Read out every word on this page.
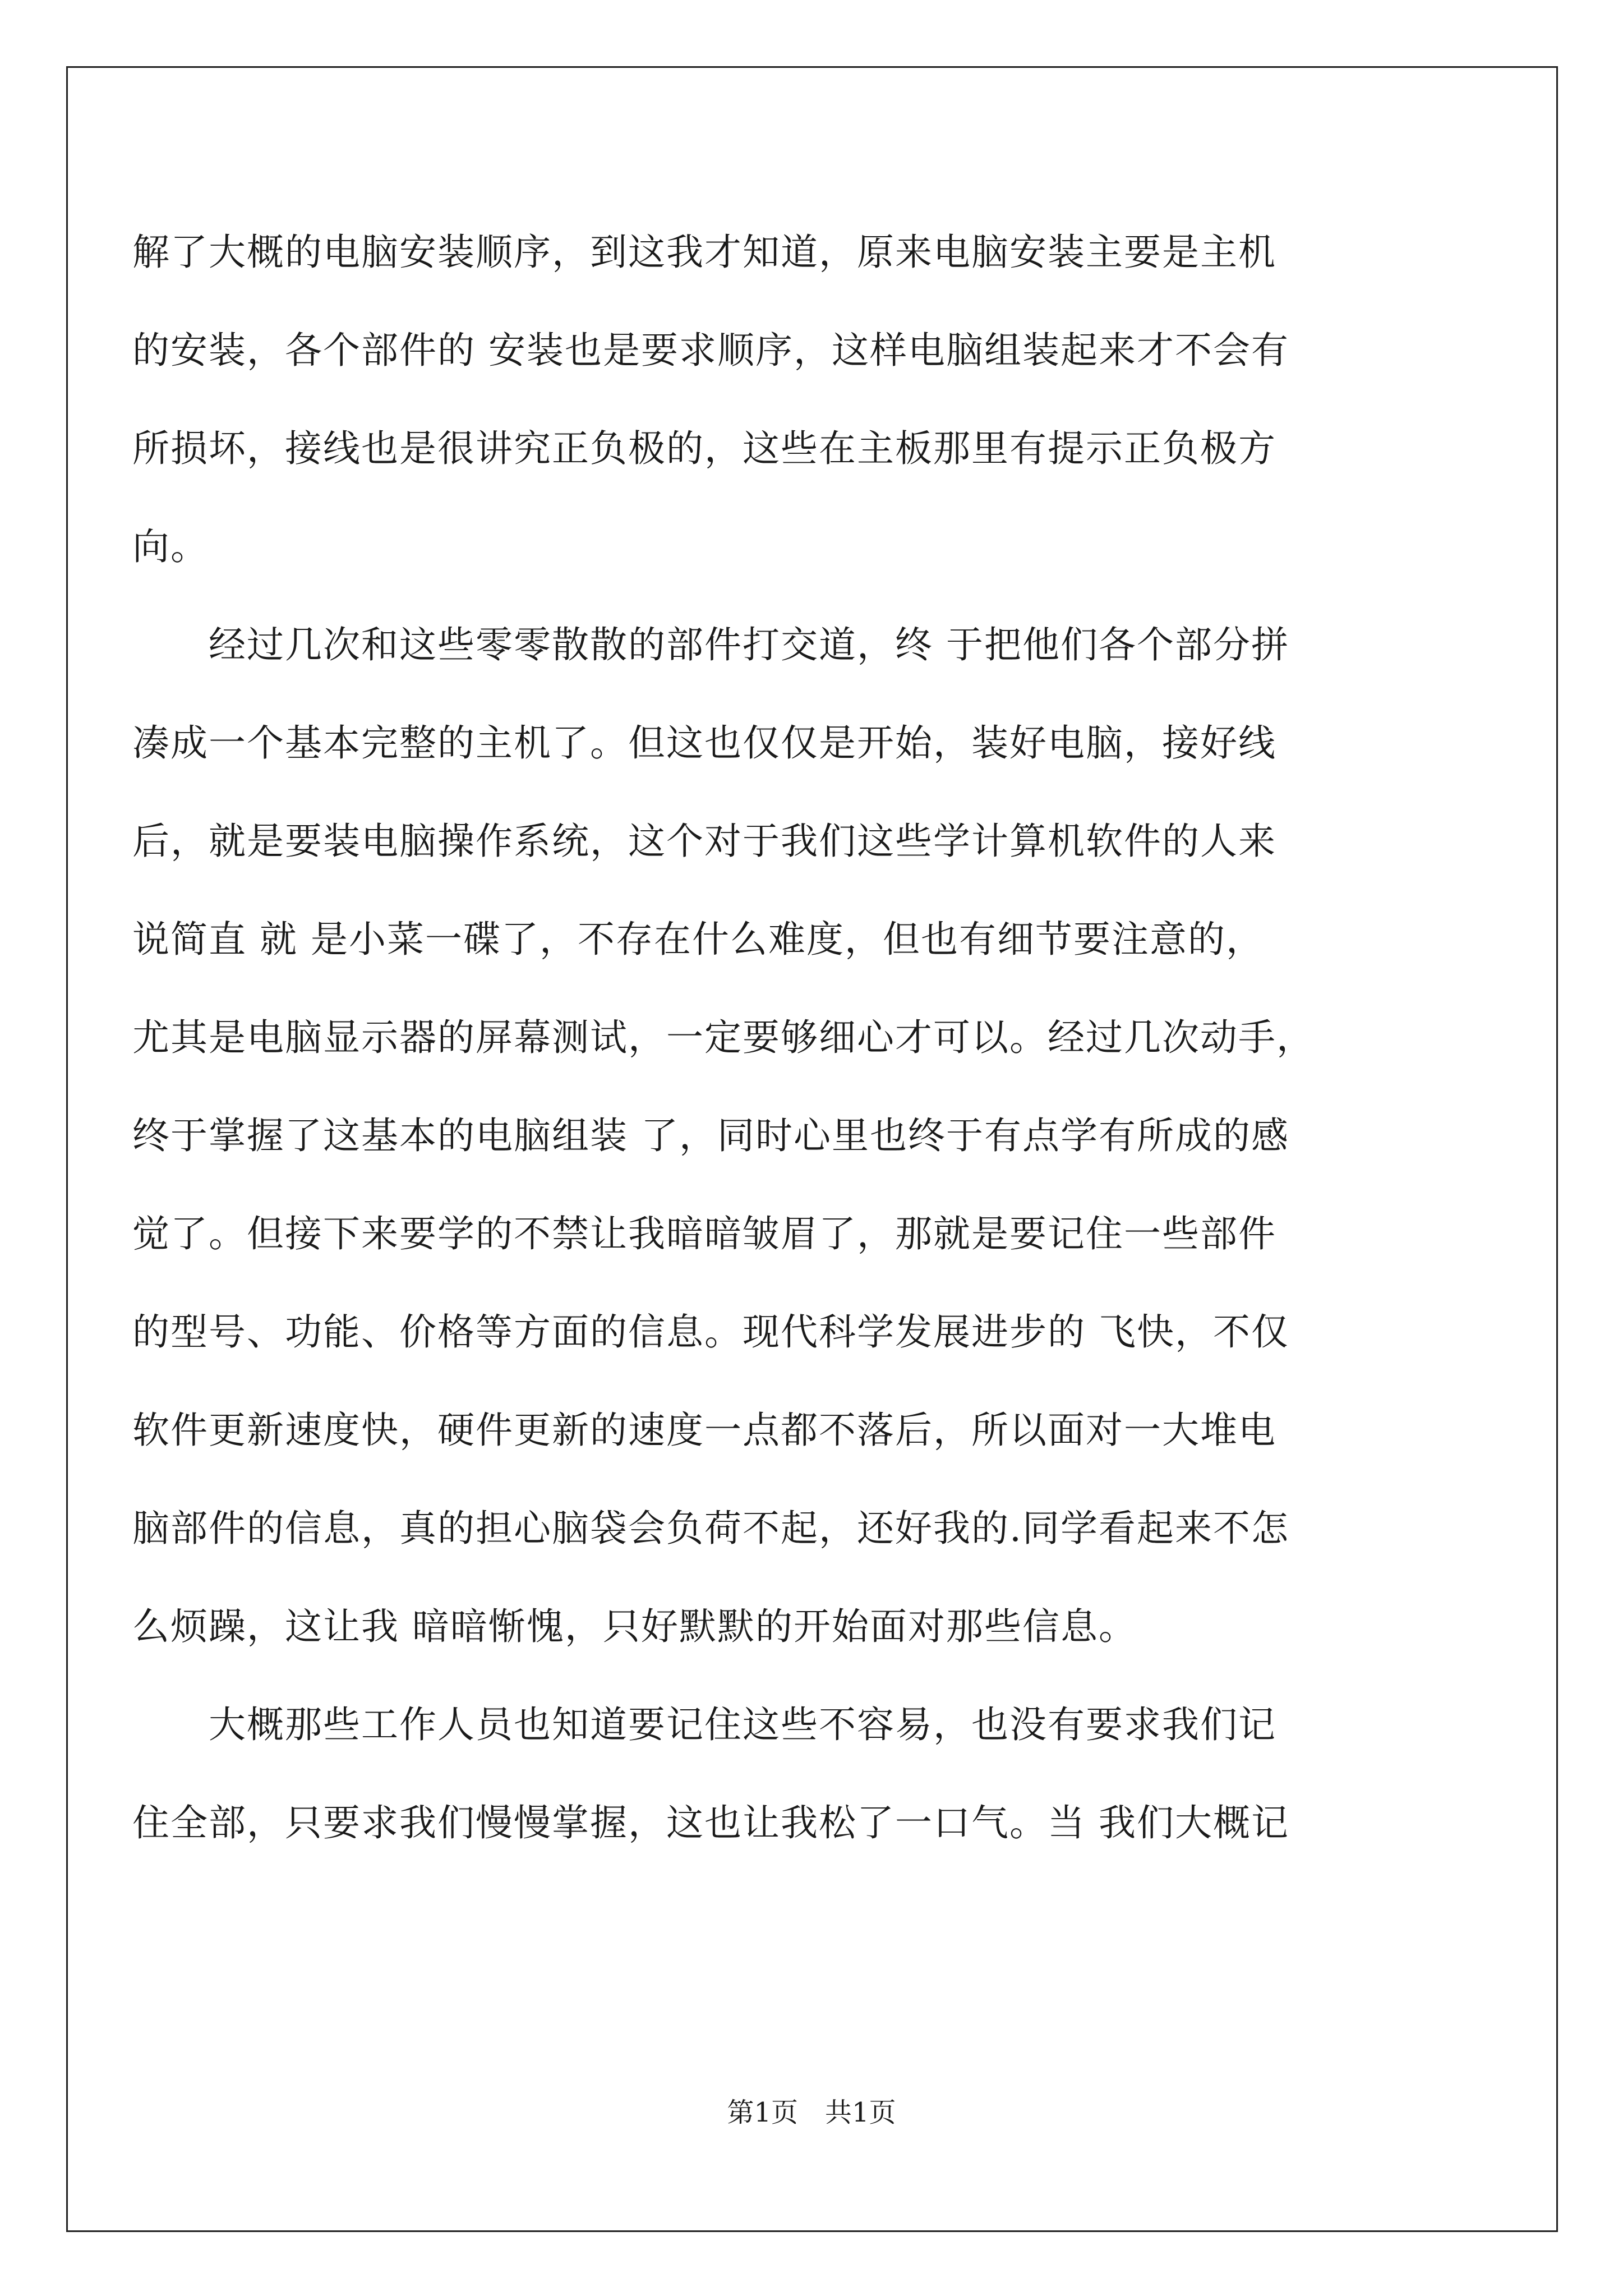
解了大概的电脑安装顺序，到这我才知道，原来电脑安装主要是主机
的安装，各个部件的 安装也是要求顺序，这样电脑组装起来才不会有
所损坏，接线也是很讲究正负极的，这些在主板那里有提示正负极方
向。
　　经过几次和这些零零散散的部件打交道，终 于把他们各个部分拼
凑成一个基本完整的主机了。但这也仅仅是开始，装好电脑，接好线
后，就是要装电脑操作系统，这个对于我们这些学计算机软件的人来
说简直 就 是小菜一碟了，不存在什么难度，但也有细节要注意的，
尤其是电脑显示器的屏幕测试，一定要够细心才可以。经过几次动手，
终于掌握了这基本的电脑组装 了，同时心里也终于有点学有所成的感
觉了。但接下来要学的不禁让我暗暗皱眉了，那就是要记住一些部件
的型号、功能、价格等方面的信息。现代科学发展进步的 飞快，不仅
软件更新速度快，硬件更新的速度一点都不落后，所以面对一大堆电
脑部件的信息，真的担心脑袋会负荷不起，还好我的.同学看起来不怎
么烦躁，这让我 暗暗惭愧，只好默默的开始面对那些信息。
　　大概那些工作人员也知道要记住这些不容易，也没有要求我们记
住全部，只要求我们慢慢掌握，这也让我松了一口气。当 我们大概记
第1页　共1页
